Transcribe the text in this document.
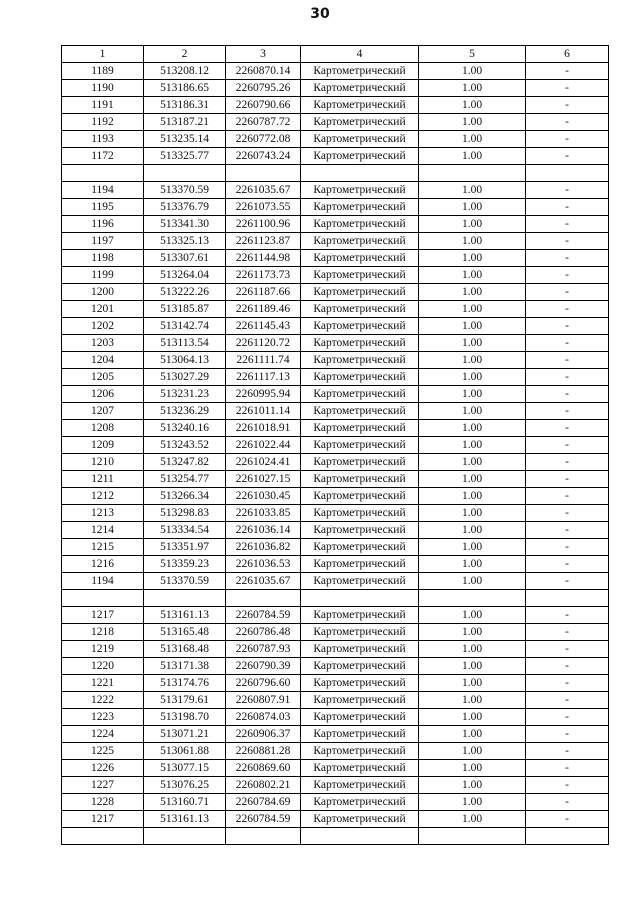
30
1	2	3	4	5	6
1189	513208.12	2260870.14	Картометрический	1.00	-
1190	513186.65	2260795.26	Картометрический	1.00	-
1191	513186.31	2260790.66	Картометрический	1.00	-
1192	513187.21	2260787.72	Картометрический	1.00	-
1193	513235.14	2260772.08	Картометрический	1.00	-
1172	513325.77	2260743.24	Картометрический	1.00	-

1194	513370.59	2261035.67	Картометрический	1.00	-
1195	513376.79	2261073.55	Картометрический	1.00	-
1196	513341.30	2261100.96	Картометрический	1.00	-
1197	513325.13	2261123.87	Картометрический	1.00	-
1198	513307.61	2261144.98	Картометрический	1.00	-
1199	513264.04	2261173.73	Картометрический	1.00	-
1200	513222.26	2261187.66	Картометрический	1.00	-
1201	513185.87	2261189.46	Картометрический	1.00	-
1202	513142.74	2261145.43	Картометрический	1.00	-
1203	513113.54	2261120.72	Картометрический	1.00	-
1204	513064.13	2261111.74	Картометрический	1.00	-
1205	513027.29	2261117.13	Картометрический	1.00	-
1206	513231.23	2260995.94	Картометрический	1.00	-
1207	513236.29	2261011.14	Картометрический	1.00	-
1208	513240.16	2261018.91	Картометрический	1.00	-
1209	513243.52	2261022.44	Картометрический	1.00	-
1210	513247.82	2261024.41	Картометрический	1.00	-
1211	513254.77	2261027.15	Картометрический	1.00	-
1212	513266.34	2261030.45	Картометрический	1.00	-
1213	513298.83	2261033.85	Картометрический	1.00	-
1214	513334.54	2261036.14	Картометрический	1.00	-
1215	513351.97	2261036.82	Картометрический	1.00	-
1216	513359.23	2261036.53	Картометрический	1.00	-
1194	513370.59	2261035.67	Картометрический	1.00	-

1217	513161.13	2260784.59	Картометрический	1.00	-
1218	513165.48	2260786.48	Картометрический	1.00	-
1219	513168.48	2260787.93	Картометрический	1.00	-
1220	513171.38	2260790.39	Картометрический	1.00	-
1221	513174.76	2260796.60	Картометрический	1.00	-
1222	513179.61	2260807.91	Картометрический	1.00	-
1223	513198.70	2260874.03	Картометрический	1.00	-
1224	513071.21	2260906.37	Картометрический	1.00	-
1225	513061.88	2260881.28	Картометрический	1.00	-
1226	513077.15	2260869.60	Картометрический	1.00	-
1227	513076.25	2260802.21	Картометрический	1.00	-
1228	513160.71	2260784.69	Картометрический	1.00	-
1217	513161.13	2260784.59	Картометрический	1.00	-
